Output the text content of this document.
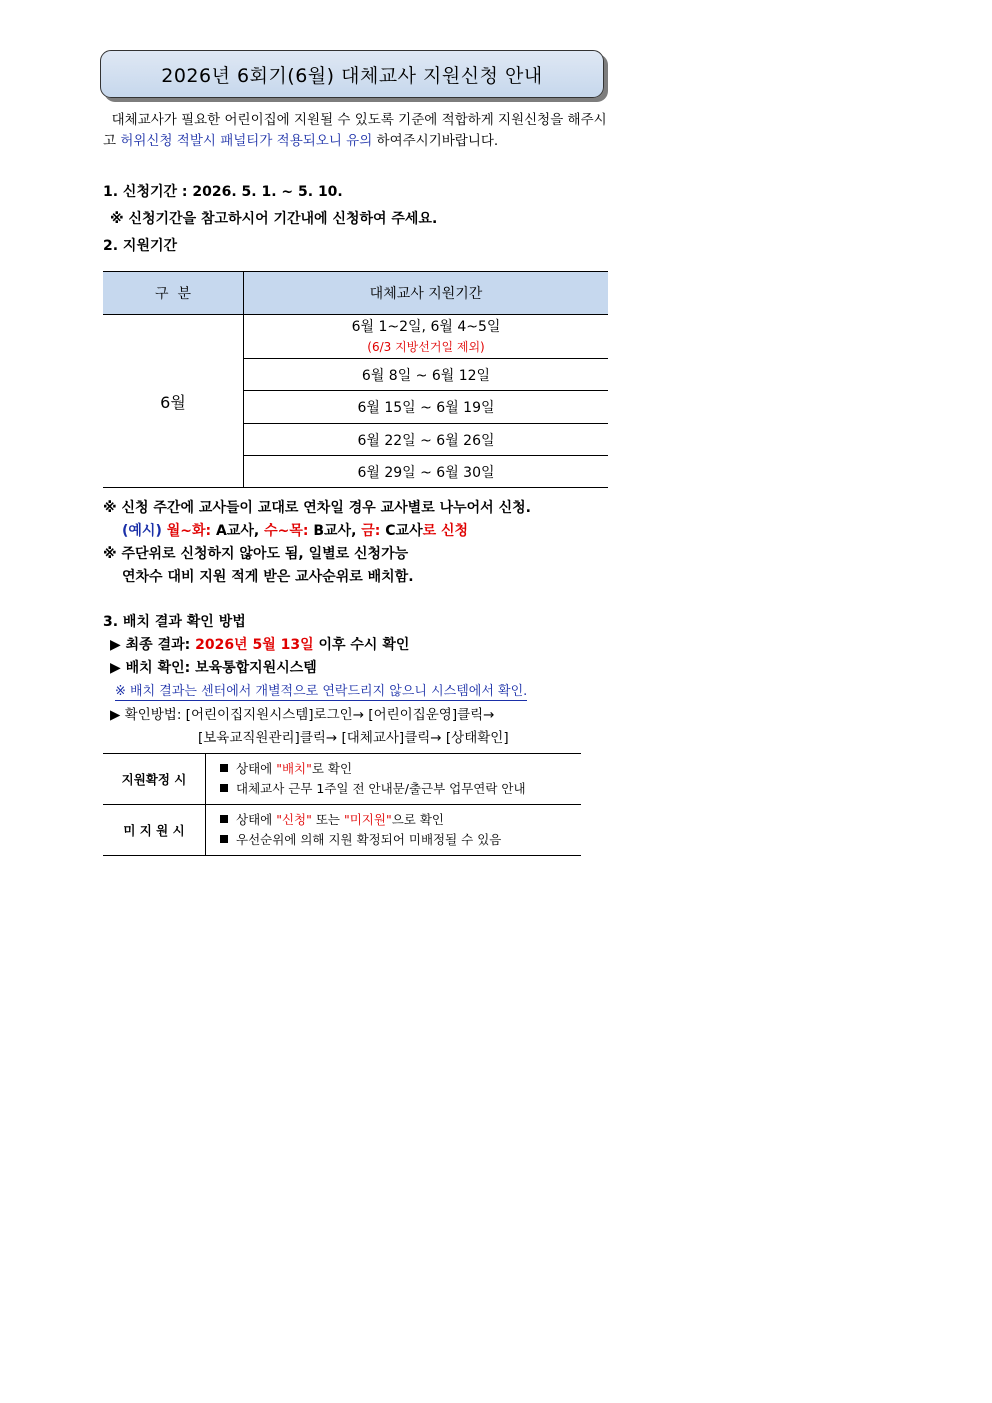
2026년 6회기(6월) 대체교사 지원신청 안내
대체교사가 필요한 어린이집에 지원될 수 있도록 기준에 적합하게 지원신청을 해주시고 허위신청 적발시 패널티가 적용되오니 유의 하여주시기바랍니다.
1. 신청기간 : 2026. 5. 1. ~ 5. 10.
※ 신청기간을 참고하시어 기간내에 신청하여 주세요.
2. 지원기간
구  분	대체교사 지원기간
6월	6월 1~2일, 6월 4~5일
(6/3 지방선거일 제외)

	6월 8일 ~ 6월 12일
	6월 15일 ~ 6월 19일
	6월 22일 ~ 6월 26일
	6월 29일 ~ 6월 30일
※ 신청 주간에 교사들이 교대로 연차일 경우 교사별로 나누어서 신청.
(예시) 월~화: A교사, 수~목: B교사, 금: C교사로 신청
※ 주단위로 신청하지 않아도 됨, 일별로 신청가능
연차수 대비 지원 적게 받은 교사순위로 배치함.
3. 배치 결과 확인 방법
▶ 최종 결과: 2026년 5월 13일 이후 수시 확인
▶ 배치 확인: 보육통합지원시스템
※ 배치 결과는 센터에서 개별적으로 연락드리지 않으니 시스템에서 확인.
▶ 확인방법: [어린이집지원시스템]로그인→ [어린이집운영]클릭→
[보육교직원관리]클릭→ [대체교사]클릭→ [상태확인]
지원확정 시	상태에 "배치"로 확인
대체교사 근무 1주일 전 안내문/출근부 업무연락 안내

미 지 원 시	상태에 "신청" 또는 "미지원"으로 확인
우선순위에 의해 지원 확정되어 미배정될 수 있음
